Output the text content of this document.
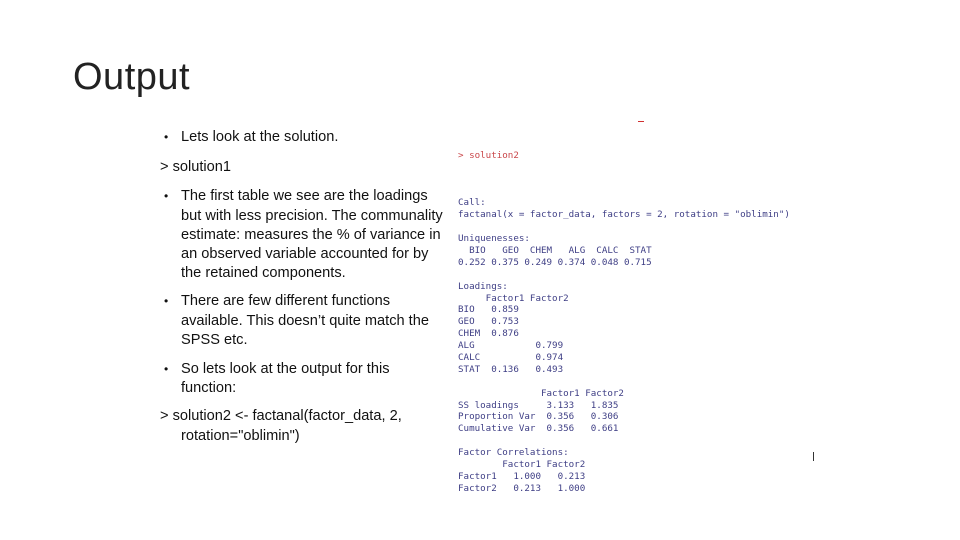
Output

• Lets look at the solution.

> solution1

• The first table we see are the loadings but with less precision. The communality estimate: measures the % of variance in an observed variable accounted for by the retained components.

• There are few different functions available. This doesn’t quite match the SPSS etc.

• So lets look at the output for this function:

> solution2 <- factanal(factor_data, 2, rotation="oblimin")

> solution2

Call:
factanal(x = factor_data, factors = 2, rotation = "oblimin")
Uniquenesses:
BIO   GEO  CHEM   ALG  CALC  STAT
0.252 0.375 0.249 0.374 0.048 0.715
Loadings:
Factor1 Factor2
BIO   0.859
GEO   0.753
CHEM  0.876
ALG           0.799
CALC          0.974
STAT  0.136   0.493
Factor1 Factor2
SS loadings     3.133   1.835
Proportion Var  0.356   0.306
Cumulative Var  0.356   0.661
Factor Correlations:
Factor1 Factor2
Factor1   1.000   0.213
Factor2   0.213   1.000
